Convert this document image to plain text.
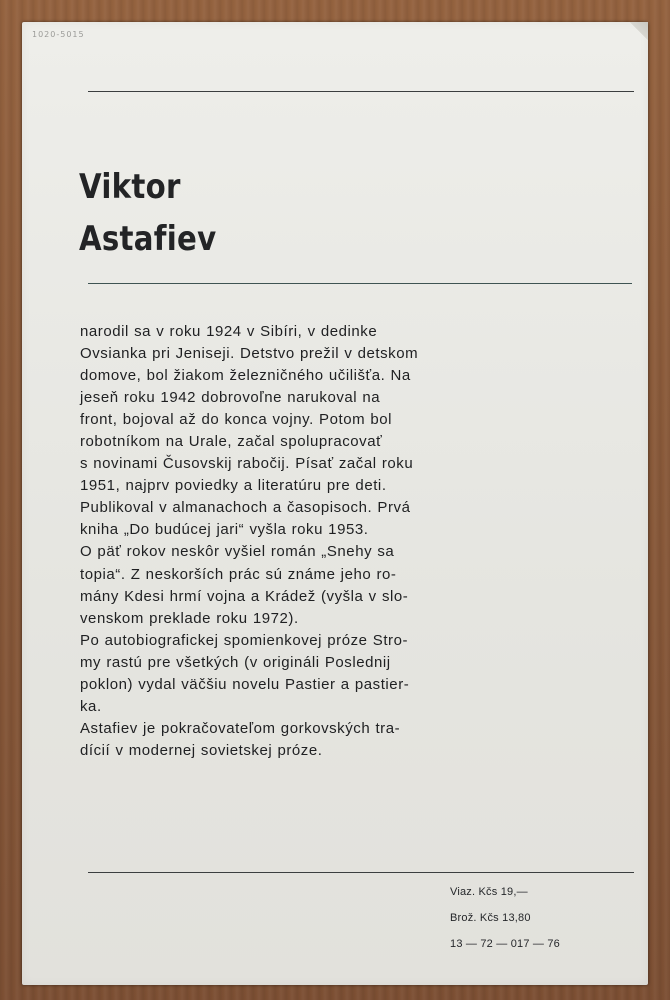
1020-5015
Viktor
Astafiev
narodil sa v roku 1924 v Sibíri, v dedinke
Ovsianka pri Jeniseji. Detstvo prežil v detskom
domove, bol žiakom železničného učilišťa. Na
jeseň roku 1942 dobrovoľne narukoval na
front, bojoval až do konca vojny. Potom bol
robotníkom na Urale, začal spolupracovať
s novinami Čusovskij rabočij. Písať začal roku
1951, najprv poviedky a literatúru pre deti.
Publikoval v almanachoch a časopisoch. Prvá
kniha „Do budúcej jari“ vyšla roku 1953.
O päť rokov neskôr vyšiel román „Snehy sa
topia“. Z neskorších prác sú známe jeho ro-
mány Kdesi hrmí vojna a Krádež (vyšla v slo-
venskom preklade roku 1972).
Po autobiografickej spomienkovej próze Stro-
my rastú pre všetkých (v origináli Poslednij
poklon) vydal väčšiu novelu Pastier a pastier-
ka.
Astafiev je pokračovateľom gorkovských tra-
dícií v modernej sovietskej próze.
Viaz. Kčs 19,—
Brož. Kčs 13,80
13 — 72 — 017 — 76
